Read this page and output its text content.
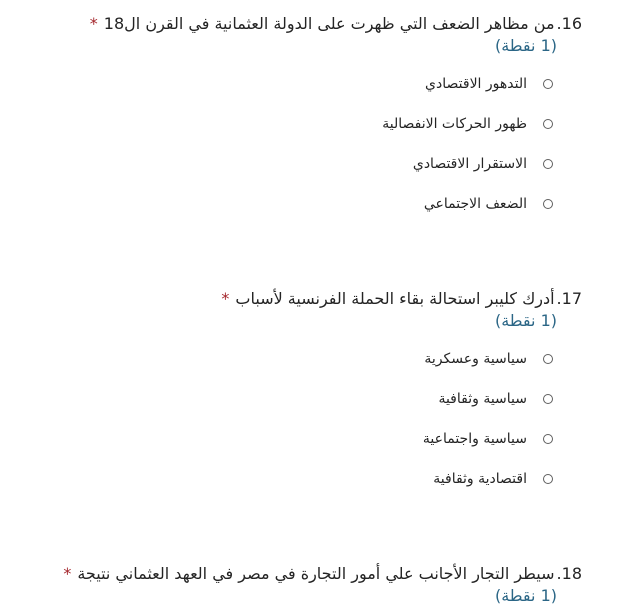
16.من مظاهر الضعف التي ظهرت على الدولة العثمانية في القرن ال18*
(1 نقطة)
التدهور الاقتصادي
ظهور الحركات الانفصالية
الاستقرار الاقتصادي
الضعف الاجتماعي
17.أدرك كليبر استحالة بقاء الحملة الفرنسية لأسباب*
(1 نقطة)
سياسية وعسكرية
سياسية وثقافية
سياسية واجتماعية
اقتصادية وثقافية
18.سيطر التجار الأجانب علي أمور التجارة في مصر في العهد العثماني نتيجة*
(1 نقطة)
